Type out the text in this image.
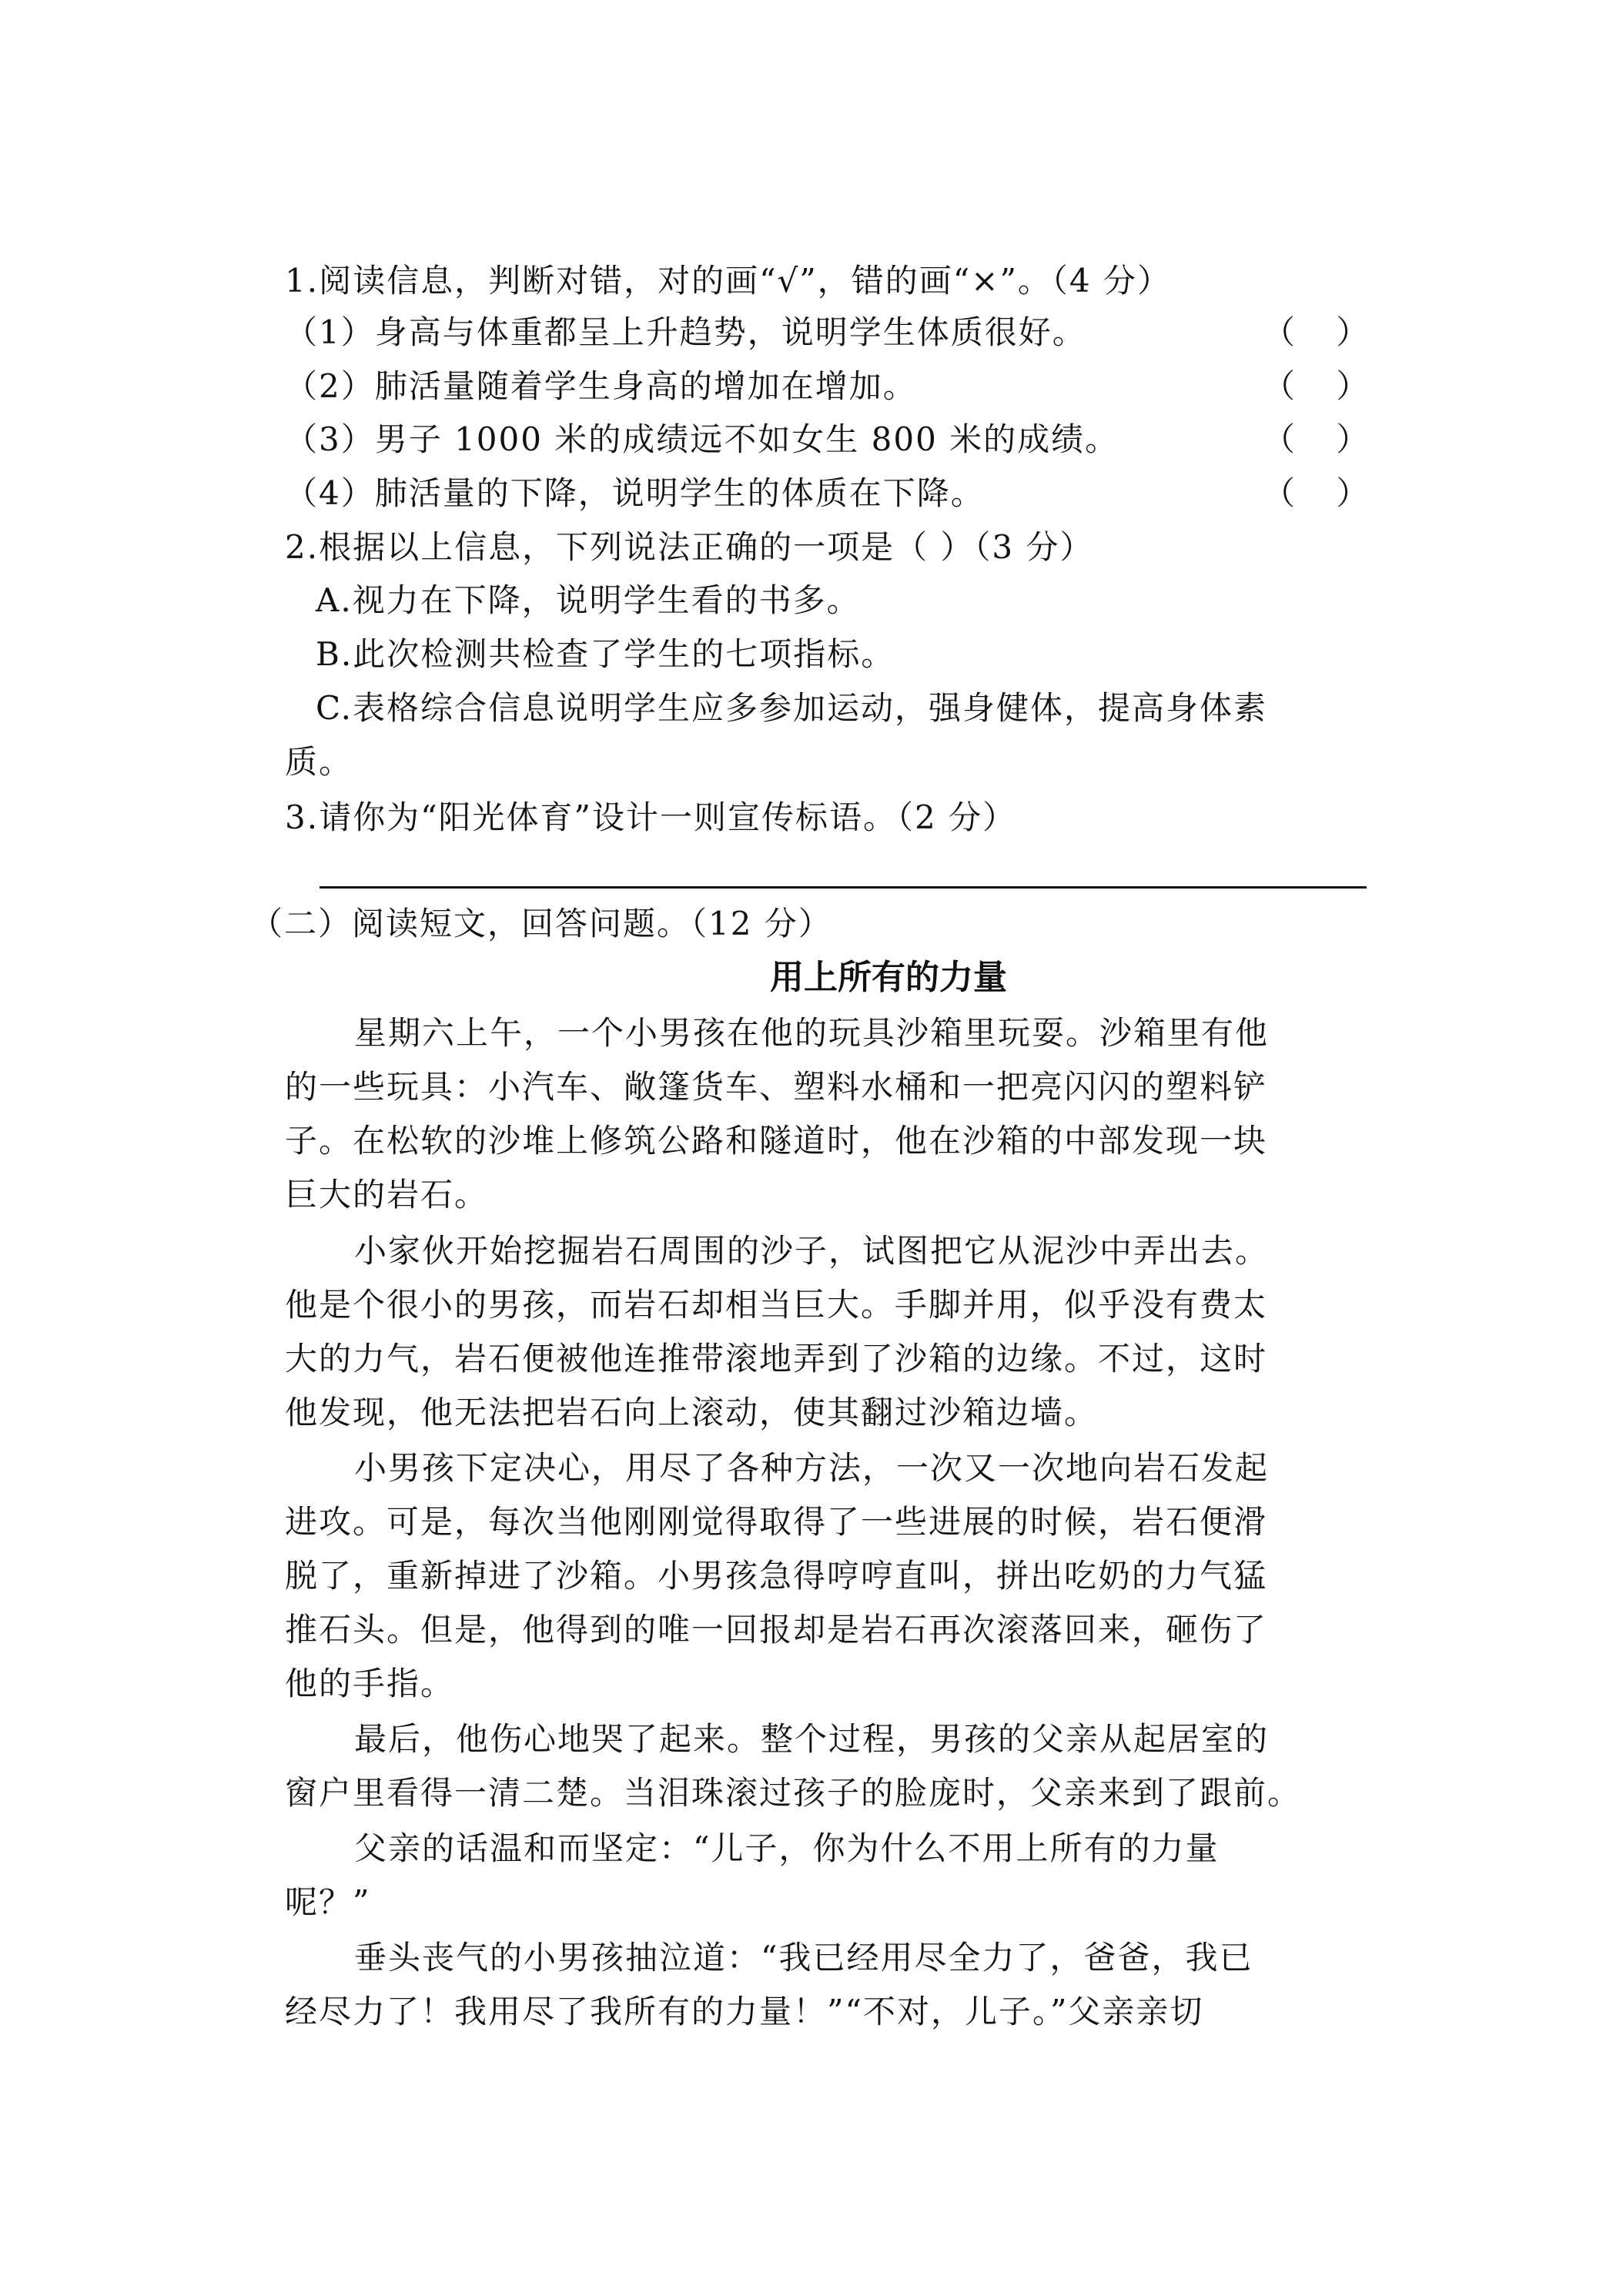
1.阅读信息，判断对错，对的画“√”，错的画“×”。（4 分）
（1）身高与体重都呈上升趋势，说明学生体质很好。	（    ）
（2）肺活量随着学生身高的增加在增加。	（    ）
（3）男子 1000 米的成绩远不如女生 800 米的成绩。	（    ）
（4）肺活量的下降，说明学生的体质在下降。	（    ）
2.根据以上信息，下列说法正确的一项是（ ）（3 分）
A.视力在下降，说明学生看的书多。
B.此次检测共检查了学生的七项指标。
C.表格综合信息说明学生应多参加运动，强身健体，提高身体素
质。
3.请你为“阳光体育”设计一则宣传标语。（2 分）
（二）阅读短文，回答问题。（12 分）
用上所有的力量
星期六上午，一个小男孩在他的玩具沙箱里玩耍。沙箱里有他
的一些玩具：小汽车、敞篷货车、塑料水桶和一把亮闪闪的塑料铲
子。在松软的沙堆上修筑公路和隧道时，他在沙箱的中部发现一块
巨大的岩石。
小家伙开始挖掘岩石周围的沙子，试图把它从泥沙中弄出去。
他是个很小的男孩，而岩石却相当巨大。手脚并用，似乎没有费太
大的力气，岩石便被他连推带滚地弄到了沙箱的边缘。不过，这时
他发现，他无法把岩石向上滚动，使其翻过沙箱边墙。
小男孩下定决心，用尽了各种方法，一次又一次地向岩石发起
进攻。可是，每次当他刚刚觉得取得了一些进展的时候，岩石便滑
脱了，重新掉进了沙箱。小男孩急得哼哼直叫，拼出吃奶的力气猛
推石头。但是，他得到的唯一回报却是岩石再次滚落回来，砸伤了
他的手指。
最后，他伤心地哭了起来。整个过程，男孩的父亲从起居室的
窗户里看得一清二楚。当泪珠滚过孩子的脸庞时，父亲来到了跟前。
父亲的话温和而坚定：“儿子，你为什么不用上所有的力量
呢？”
垂头丧气的小男孩抽泣道：“我已经用尽全力了，爸爸，我已
经尽力了！我用尽了我所有的力量！”“不对，儿子。”父亲亲切
